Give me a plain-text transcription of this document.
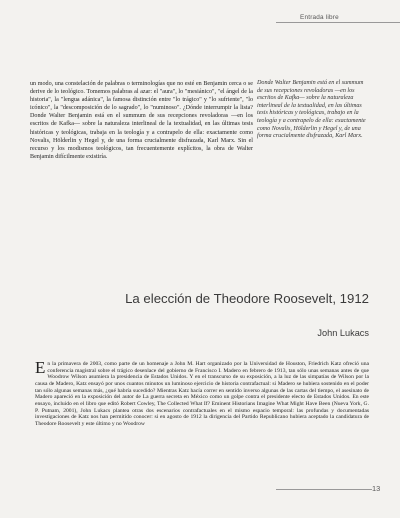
Entrada libre
un modo, una constelación de palabras o terminologías que no esté en Benjamin cerca o se derive de lo teológico. Tomemos palabras al azar: el "aura", lo "mesiánico", "el ángel de la historia", la "lengua adánica", la famosa distinción entre "lo trágico" y "lo sufriente", "lo icónico", la "descomposición de lo sagrado", lo "numinoso". ¿Dónde interrumpir la lista? Donde Walter Benjamin está en el summum de sus recepciones revoladoras —en los escritos de Kafka— sobre la naturaleza interlineal de la textualidad, en las últimas tesis históricas y teológicas, trabaja en la teología y a contrapelo de ella: exactamente como Novalis, Hölderlin y Hegel y, de una forma crucialmente disfrazada, Karl Marx. Sin el recurso y los modismos teológicos, tan frecuentemente explícitos, la obra de Walter Benjamin difícilmente existiría.
Donde Walter Benjamin está en el summum de sus recepciones revoladoras —en los escritos de Kafka— sobre la naturaleza interlineal de la textualidad, en las últimas tesis históricas y teológicas, trabajo en la teología y a contrapelo de ella: exactamente como Novalis, Hölderlin y Hegel y, de una forma crucialmente disfrazada, Karl Marx.
La elección de Theodore Roosevelt, 1912
John Lukacs
En la primavera de 2003, como parte de un homenaje a John M. Hart organizado por la Universidad de Houston, Friedrich Katz ofreció una conferencia magistral sobre el trágico desenlace del gobierno de Francisco I. Madero en febrero de 1913, tan sólo unas semanas antes de que Woodrow Wilson asumiera la presidencia de Estados Unidos. Y en el transcurso de su exposición, a la luz de las simpatías de Wilson por la causa de Madero, Katz ensayó por unos cuantos minutos un luminoso ejercicio de historia contrafactual: si Madero se hubiera sostenido en el poder tan sólo algunas semanas más, ¿qué habría sucedido? Mientras Katz hacía correr en sentido inverso algunas de las cartas del tiempo, el asesinato de Madero apareció en la exposición del autor de La guerra secreta en México como un golpe contra el presidente electo de Estados Unidos. En este ensayo, incluido en el libro que editó Robert Cowley, The Collected What If? Eminent Historians Imagine What Might Have Been (Nueva York, G. P. Putnam, 2001), John Lukacs plantea otras dos escenarios contrafactuales en el mismo espacio temporal: las profundas y documentadas investigaciones de Katz nos han permitido conocer: si en agosto de 1912 la dirigencia del Partido Republicano hubiera aceptado la candidatura de Theodore Roosevelt y este último y no Woodrow
13
